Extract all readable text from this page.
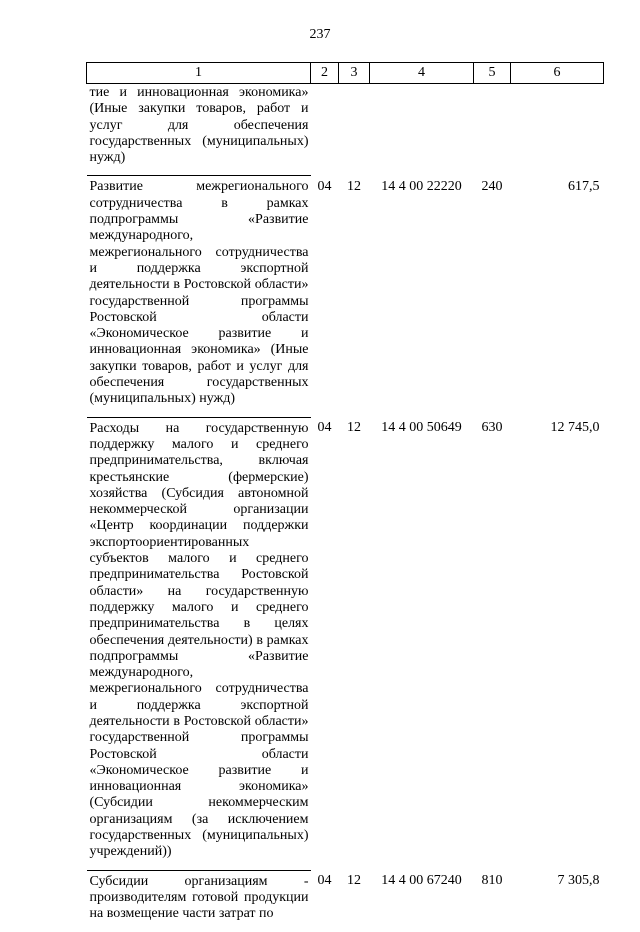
237
1	2	3	4	5	6
тие и инновационная экономика» (Иные закупки товаров, работ и услуг для обеспечения государственных (муниципальных) нужд)					
Развитие межрегионального сотрудничества в рамках подпрограммы «Развитие международного, межрегионального сотрудничества и поддержка экспортной деятельности в Ростовской области» государственной программы Ростовской области «Экономическое развитие и инновационная экономика» (Иные закупки товаров, работ и услуг для обеспечения государственных (муниципальных) нужд)	04	12	14 4 00 22220	240	617,5
Расходы на государственную поддержку малого и среднего предпринимательства, включая крестьянские (фермерские) хозяйства (Субсидия автономной некоммерческой организации «Центр координации поддержки экспортоориентированных субъектов малого и среднего предпринимательства Ростовской области» на государственную поддержку малого и среднего предпринимательства в целях обеспечения деятельности) в рамках подпрограммы «Развитие международного, межрегионального сотрудничества и поддержка экспортной деятельности в Ростовской области» государственной программы Ростовской области «Экономическое развитие и инновационная экономика» (Субсидии некоммерческим организациям (за исключением государственных (муниципальных) учреждений))	04	12	14 4 00 50649	630	12 745,0
Субсидии организациям - производителям готовой продукции на возмещение части затрат по	04	12	14 4 00 67240	810	7 305,8
